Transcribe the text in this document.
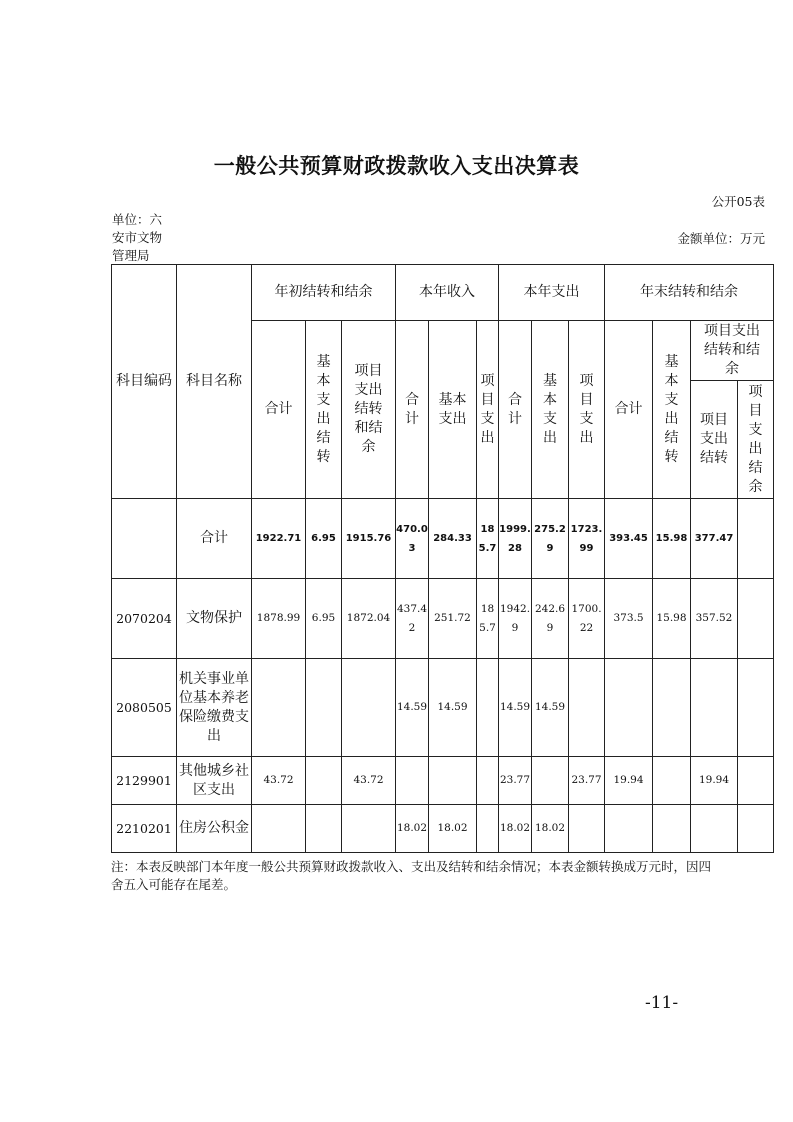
一般公共预算财政拨款收入支出决算表
公开05表
单位：六安市文物管理局
金额单位：万元
科目编码	科目名称	年初结转和结余			本年收入			本年支出			年末结转和结余			
		合计	基本支出结转	项目支出结转和结余	合计	基本支出	项目支出	合计	基本支出	项目支出	合计	基本支出结转	项目支出结转和结余	
													项目支出结转	项目支出结余
	合计	1922.71	6.95	1915.76	470.03	284.33	185.7	1999.28	275.29	1723.99	393.45	15.98	377.47	
2070204	文物保护	1878.99	6.95	1872.04	437.42	251.72	185.7	1942.9	242.69	1700.22	373.5	15.98	357.52	
2080505	机关事业单位基本养老保险缴费支出				14.59	14.59		14.59	14.59					
2129901	其他城乡社区支出	43.72		43.72				23.77		23.77	19.94		19.94	
2210201	住房公积金				18.02	18.02		18.02	18.02					
注：本表反映部门本年度一般公共预算财政拨款收入、支出及结转和结余情况；本表金额转换成万元时，因四舍五入可能存在尾差。
-11-
